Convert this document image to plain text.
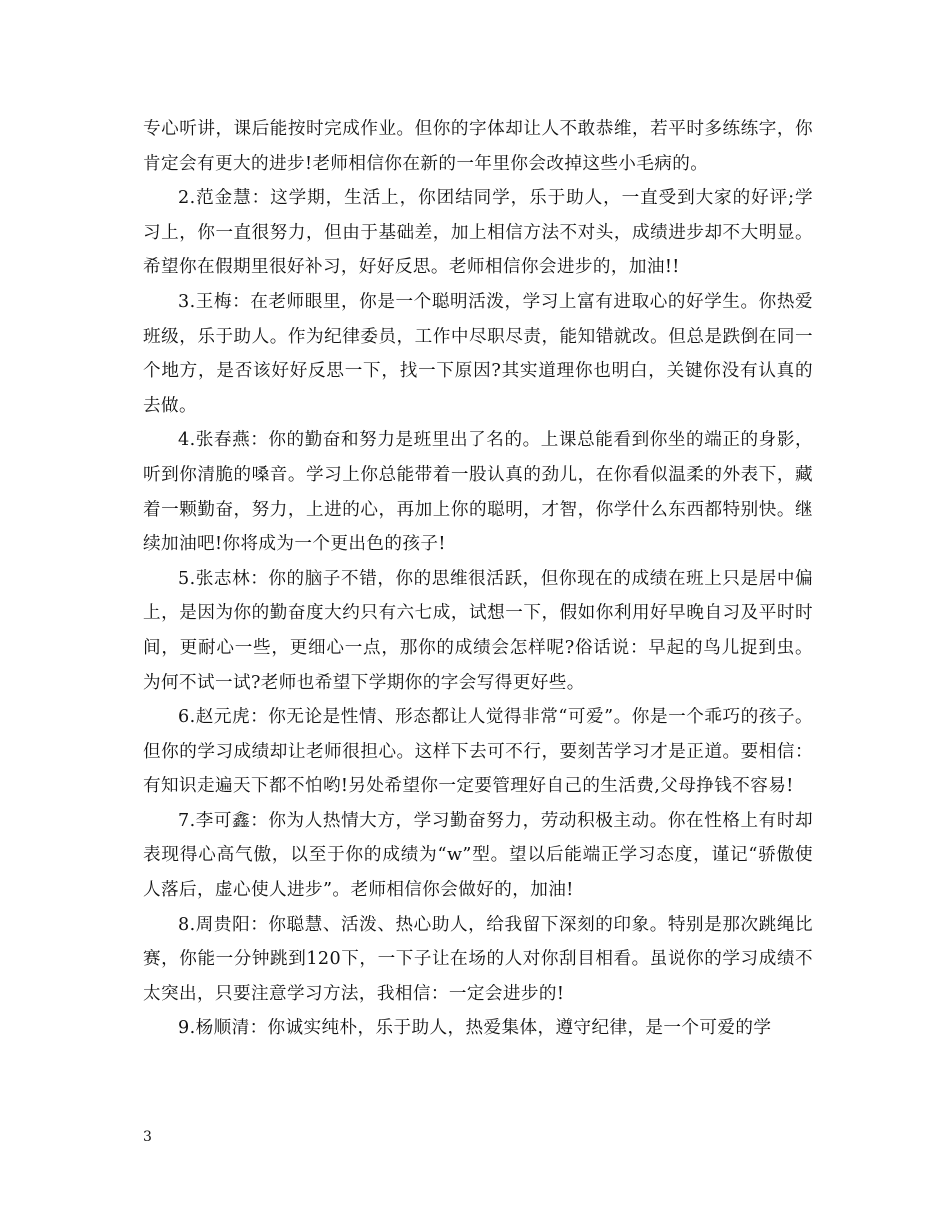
专心听讲，课后能按时完成作业。但你的字体却让人不敢恭维，若平时多练练字，你肯定会有更大的进步!老师相信你在新的一年里你会改掉这些小毛病的。

2.范金慧：这学期，生活上，你团结同学，乐于助人，一直受到大家的好评;学习上，你一直很努力，但由于基础差，加上相信方法不对头，成绩进步却不大明显。希望你在假期里很好补习，好好反思。老师相信你会进步的，加油!!

3.王梅：在老师眼里，你是一个聪明活泼，学习上富有进取心的好学生。你热爱班级，乐于助人。作为纪律委员，工作中尽职尽责，能知错就改。但总是跌倒在同一个地方，是否该好好反思一下，找一下原因?其实道理你也明白，关键你没有认真的去做。

4.张春燕：你的勤奋和努力是班里出了名的。上课总能看到你坐的端正的身影，听到你清脆的嗓音。学习上你总能带着一股认真的劲儿，在你看似温柔的外表下，藏着一颗勤奋，努力，上进的心，再加上你的聪明，才智，你学什么东西都特别快。继续加油吧!你将成为一个更出色的孩子!

5.张志林：你的脑子不错，你的思维很活跃，但你现在的成绩在班上只是居中偏上，是因为你的勤奋度大约只有六七成，试想一下，假如你利用好早晚自习及平时时间，更耐心一些，更细心一点，那你的成绩会怎样呢?俗话说：早起的鸟儿捉到虫。为何不试一试?老师也希望下学期你的字会写得更好些。

6.赵元虎：你无论是性情、形态都让人觉得非常“可爱”。你是一个乖巧的孩子。但你的学习成绩却让老师很担心。这样下去可不行，要刻苦学习才是正道。要相信：有知识走遍天下都不怕哟!另处希望你一定要管理好自己的生活费,父母挣钱不容易!

7.李可鑫：你为人热情大方，学习勤奋努力，劳动积极主动。你在性格上有时却表现得心高气傲，以至于你的成绩为“w”型。望以后能端正学习态度，谨记“骄傲使人落后，虚心使人进步”。老师相信你会做好的，加油!

8.周贵阳：你聪慧、活泼、热心助人，给我留下深刻的印象。特别是那次跳绳比赛，你能一分钟跳到120下，一下子让在场的人对你刮目相看。虽说你的学习成绩不太突出，只要注意学习方法，我相信：一定会进步的!

9.杨顺清：你诚实纯朴，乐于助人，热爱集体，遵守纪律，是一个可爱的学

3
